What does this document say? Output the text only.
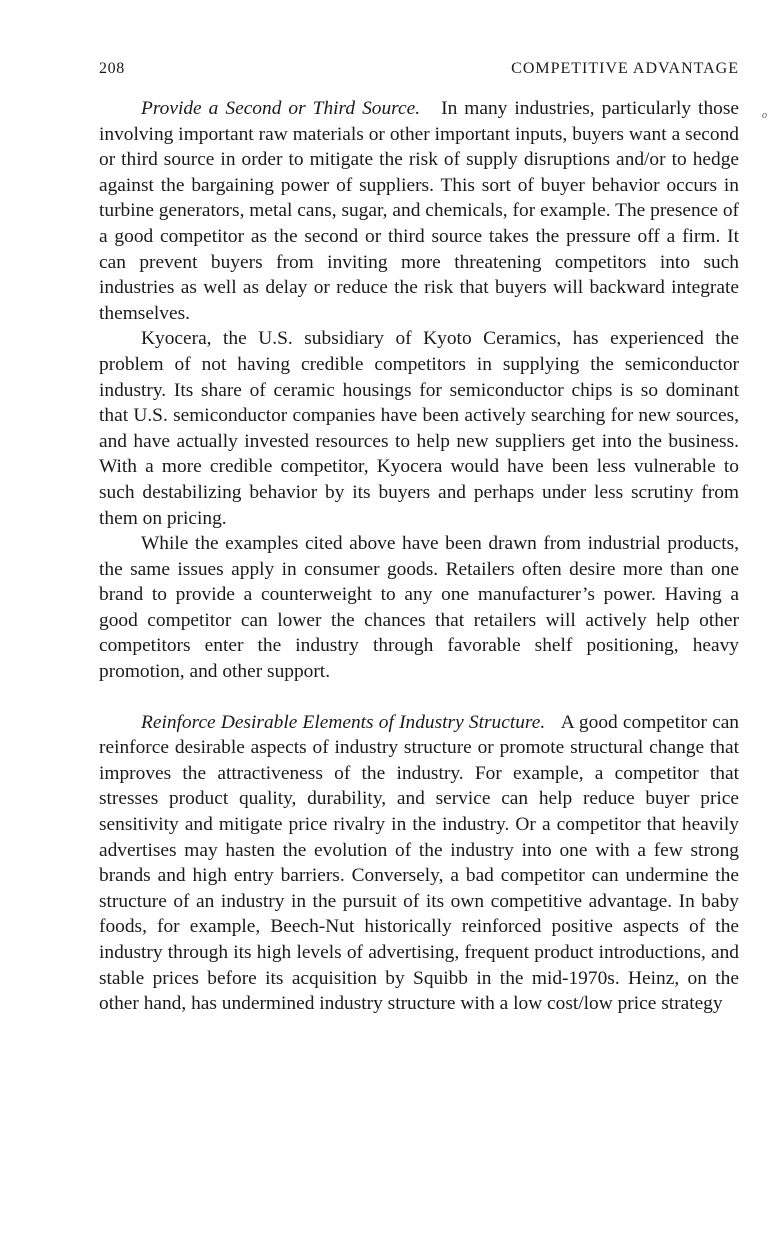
208	COMPETITIVE ADVANTAGE

Provide a Second or Third Source. In many industries, particularly those involving important raw materials or other important inputs, buyers want a second or third source in order to mitigate the risk of supply disruptions and/or to hedge against the bargaining power of suppliers. This sort of buyer behavior occurs in turbine generators, metal cans, sugar, and chemicals, for example. The presence of a good competitor as the second or third source takes the pressure off a firm. It can prevent buyers from inviting more threatening competitors into such industries as well as delay or reduce the risk that buyers will backward integrate themselves.

Kyocera, the U.S. subsidiary of Kyoto Ceramics, has experienced the problem of not having credible competitors in supplying the semiconductor industry. Its share of ceramic housings for semiconductor chips is so dominant that U.S. semiconductor companies have been actively searching for new sources, and have actually invested resources to help new suppliers get into the business. With a more credible competitor, Kyocera would have been less vulnerable to such destabilizing behavior by its buyers and perhaps under less scrutiny from them on pricing.

While the examples cited above have been drawn from industrial products, the same issues apply in consumer goods. Retailers often desire more than one brand to provide a counterweight to any one manufacturer’s power. Having a good competitor can lower the chances that retailers will actively help other competitors enter the industry through favorable shelf positioning, heavy promotion, and other support.

Reinforce Desirable Elements of Industry Structure. A good competitor can reinforce desirable aspects of industry structure or promote structural change that improves the attractiveness of the industry. For example, a competitor that stresses product quality, durability, and service can help reduce buyer price sensitivity and mitigate price rivalry in the industry. Or a competitor that heavily advertises may hasten the evolution of the industry into one with a few strong brands and high entry barriers. Conversely, a bad competitor can undermine the structure of an industry in the pursuit of its own competitive advantage. In baby foods, for example, Beech-Nut historically reinforced positive aspects of the industry through its high levels of advertising, frequent product introductions, and stable prices before its acquisition by Squibb in the mid-1970s. Heinz, on the other hand, has undermined industry structure with a low cost/low price strategy

o
